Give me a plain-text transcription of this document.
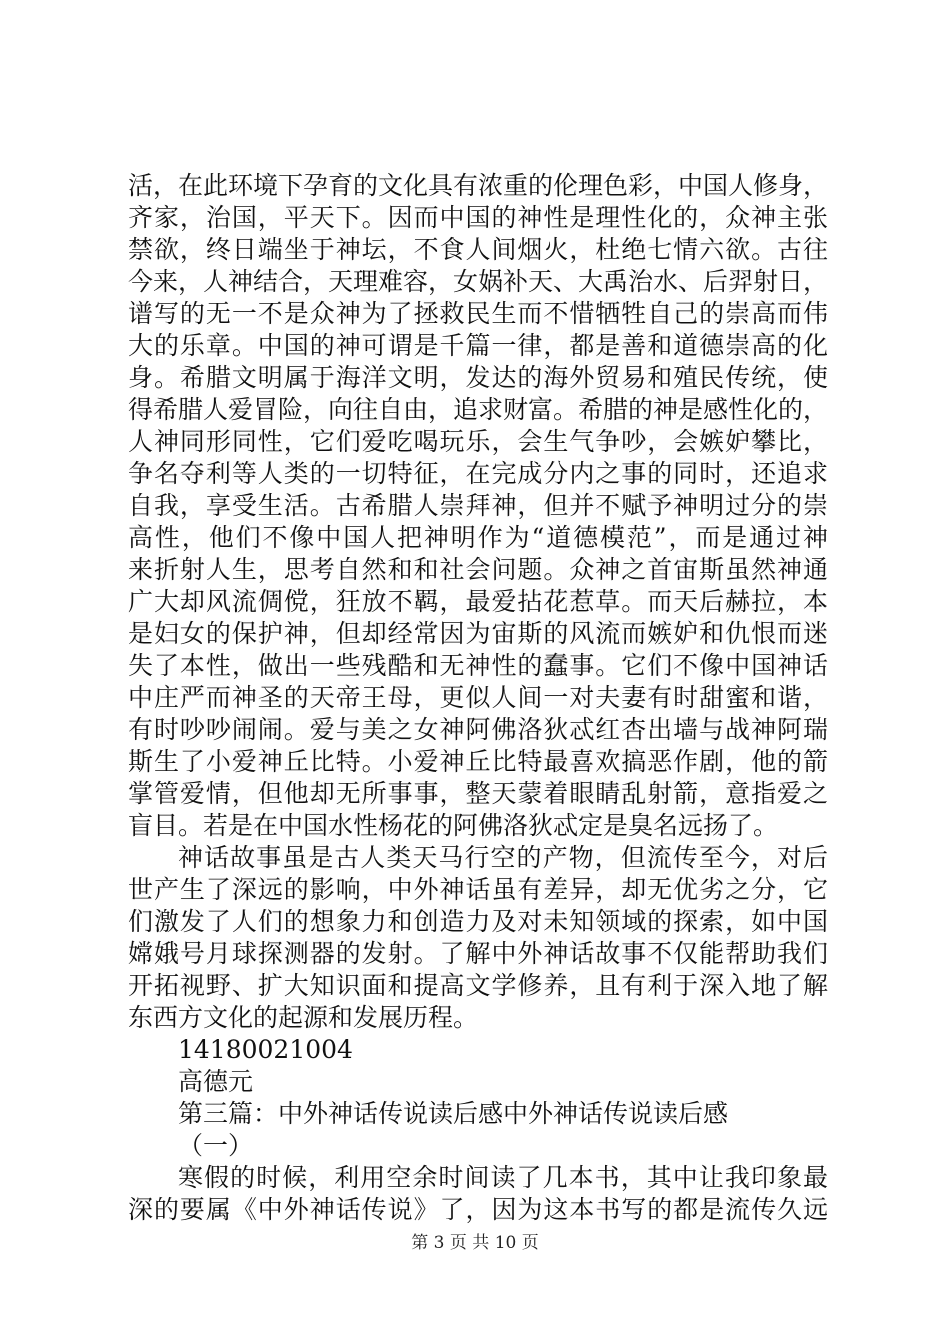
活，在此环境下孕育的文化具有浓重的伦理色彩，中国人修身，
齐家，治国，平天下。因而中国的神性是理性化的，众神主张
禁欲，终日端坐于神坛，不食人间烟火，杜绝七情六欲。古往
今来，人神结合，天理难容，女娲补天、大禹治水、后羿射日，
谱写的无一不是众神为了拯救民生而不惜牺牲自己的崇高而伟
大的乐章。中国的神可谓是千篇一律，都是善和道德崇高的化
身。希腊文明属于海洋文明，发达的海外贸易和殖民传统，使
得希腊人爱冒险，向往自由，追求财富。希腊的神是感性化的，
人神同形同性，它们爱吃喝玩乐，会生气争吵，会嫉妒攀比，
争名夺利等人类的一切特征，在完成分内之事的同时，还追求
自我，享受生活。古希腊人崇拜神，但并不赋予神明过分的崇
高性，他们不像中国人把神明作为“道德模范”，而是通过神
来折射人生，思考自然和和社会问题。众神之首宙斯虽然神通
广大却风流倜傥，狂放不羁，最爱拈花惹草。而天后赫拉，本
是妇女的保护神，但却经常因为宙斯的风流而嫉妒和仇恨而迷
失了本性，做出一些残酷和无神性的蠢事。它们不像中国神话
中庄严而神圣的天帝王母，更似人间一对夫妻有时甜蜜和谐，
有时吵吵闹闹。爱与美之女神阿佛洛狄忒红杏出墙与战神阿瑞
斯生了小爱神丘比特。小爱神丘比特最喜欢搞恶作剧，他的箭
掌管爱情，但他却无所事事，整天蒙着眼睛乱射箭，意指爱之
盲目。若是在中国水性杨花的阿佛洛狄忒定是臭名远扬了。
神话故事虽是古人类天马行空的产物，但流传至今，对后
世产生了深远的影响，中外神话虽有差异，却无优劣之分，它
们激发了人们的想象力和创造力及对未知领域的探索，如中国
嫦娥号月球探测器的发射。了解中外神话故事不仅能帮助我们
开拓视野、扩大知识面和提高文学修养，且有利于深入地了解
东西方文化的起源和发展历程。
14180021004
高德元
第三篇：中外神话传说读后感中外神话传说读后感
（一）
寒假的时候，利用空余时间读了几本书，其中让我印象最
深的要属《中外神话传说》了，因为这本书写的都是流传久远
第 3 页 共 10 页
